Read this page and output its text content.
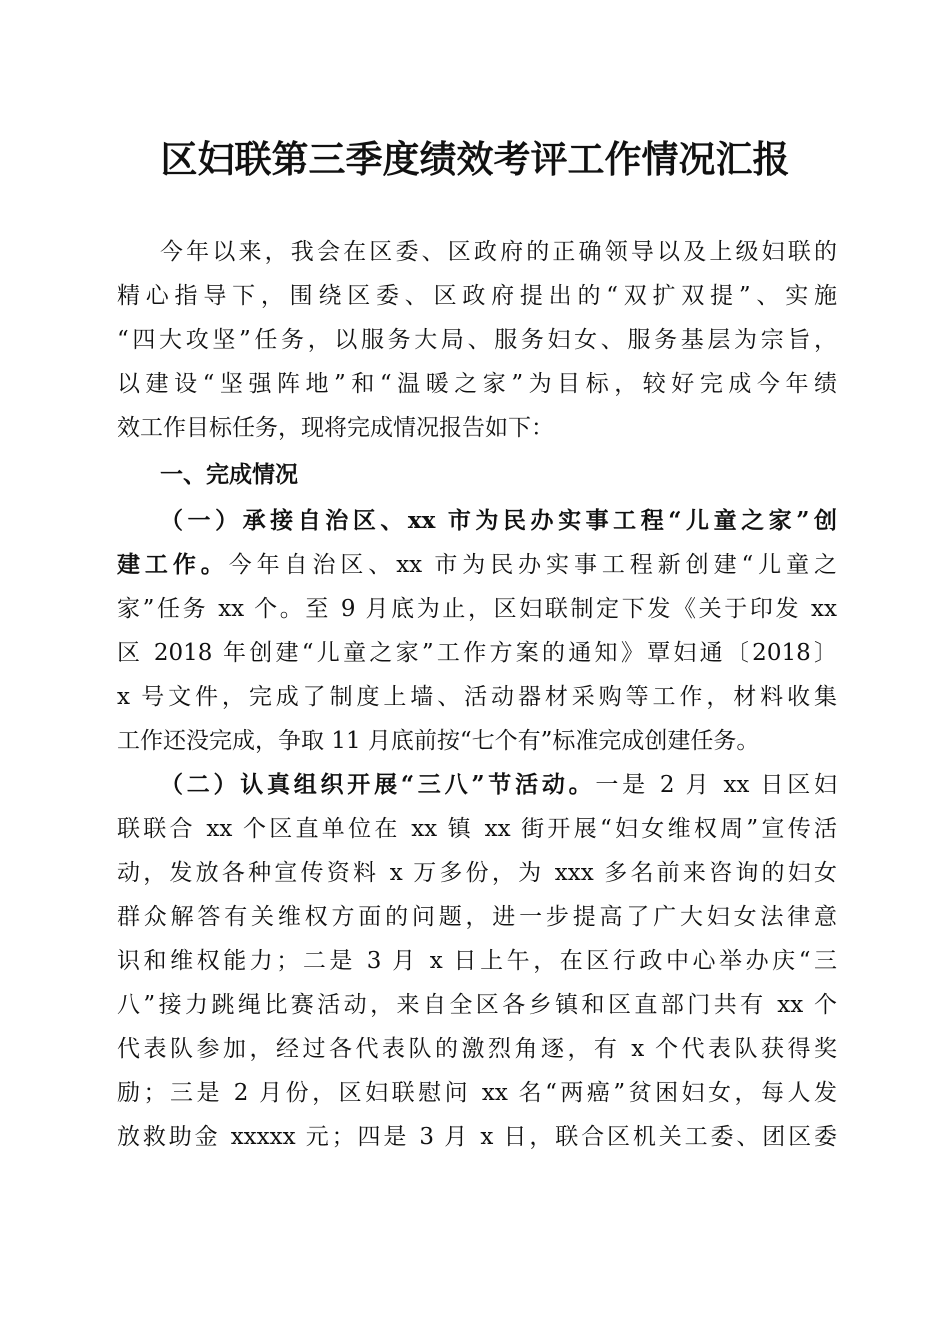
区妇联第三季度绩效考评工作情况汇报

今年以来，我会在区委、区政府的正确领导以及上级妇联的

精心指导下，围绕区委、区政府提出的“双扩双提”、实施

“四大攻坚”任务，以服务大局、服务妇女、服务基层为宗旨，

以建设“坚强阵地”和“温暖之家”为目标，较好完成今年绩

效工作目标任务，现将完成情况报告如下：

一、完成情况

（一）承接自治区、xx 市为民办实事工程“儿童之家”创

建工作。今年自治区、xx 市为民办实事工程新创建“儿童之

家”任务 xx 个。至 9 月底为止，区妇联制定下发《关于印发 xx

区 2018 年创建“儿童之家”工作方案的通知》覃妇通〔2018〕

x 号文件，完成了制度上墙、活动器材采购等工作，材料收集

工作还没完成，争取 11 月底前按“七个有”标准完成创建任务。

（二）认真组织开展“三八”节活动。一是 2 月 xx 日区妇

联联合 xx 个区直单位在 xx 镇 xx 街开展“妇女维权周”宣传活

动，发放各种宣传资料 x 万多份，为 xxx 多名前来咨询的妇女

群众解答有关维权方面的问题，进一步提高了广大妇女法律意

识和维权能力；二是 3 月 x 日上午，在区行政中心举办庆“三

八”接力跳绳比赛活动，来自全区各乡镇和区直部门共有 xx 个

代表队参加，经过各代表队的激烈角逐，有 x 个代表队获得奖

励；三是 2 月份，区妇联慰问 xx 名“两癌”贫困妇女，每人发

放救助金 xxxxx 元；四是 3 月 x 日，联合区机关工委、团区委
